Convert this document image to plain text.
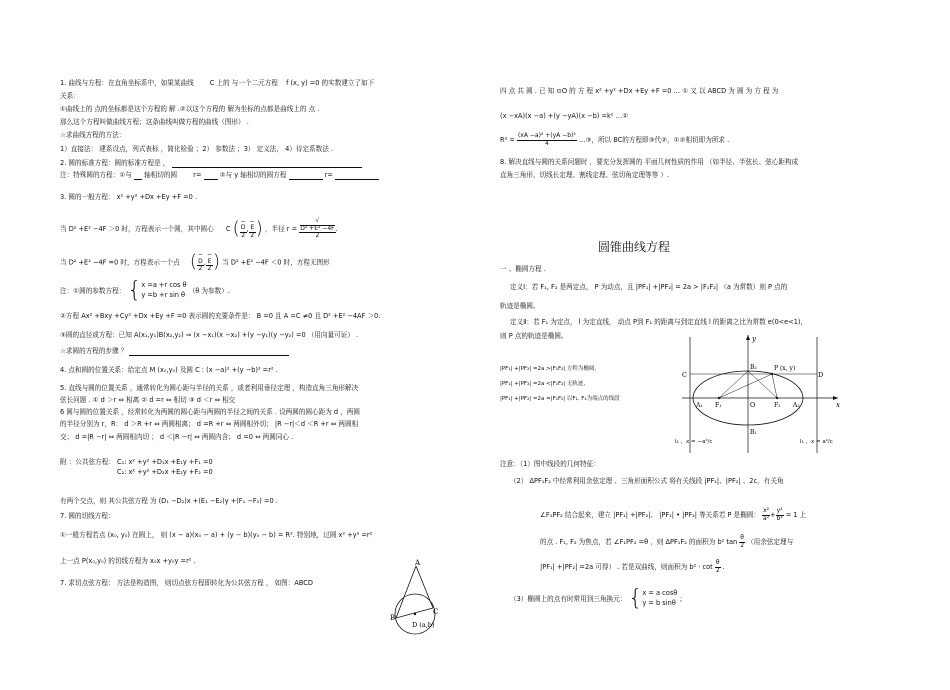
1. 曲线与方程：在直角坐标系中，如果某曲线 C 上的 与一个二元方程 f (x, y) =0 的实数建立了如下
关系：
①曲线上的 点的坐标都是这个方程的 解 .②以这个方程的 解为坐标的点都是曲线上的 点 .
那么这个方程叫做曲线方程；这条曲线叫做方程的曲线（图形） .
☆求曲线方程的方法：
1）直接法： 建系设点，列式表标 ，简化检验 ；2） 参数法 ；3） 定义法， 4）待定系数法 .
2. 圆的标准方程：圆的标准方程是 ，
注：特殊圆的方程：①与 轴相切的圆 r=	②与 y 轴相切的圆方程	r=
3. 圆的一般方程： x² +y² +Dx +Ey +F =0 .
当 D² +E² −4F ＞0 时，方程表示一个圆，其中圆心 C ( −
D
2 , −
E
2 ) ，半径 r = √
D² +E² −4F
2 .
当 D² +E² −4F =0 时，方程表示一个点 ( −
D
2 , −
E
2 ) 当 D² +E² −4F ＜0 时，方程无图形
注：①圆的参数方程： {x =a +r cos θ
y =b +r sin θ （θ 为参数）.
②方程 Ax² +Bxy +Cy² +Dx +Ey +F =0 表示圆的充要条件是： B =0 且 A =C ≠0 且 D² +E² −4AF ＞0.
③圆的直径或方程：已知 A(x₁,y₁)B(x₂,y₂) ⇒ (x −x₁)(x −x₂) +(y −y₁)(y −y₂) =0 （用向量可证） .
☆求圆的方程的步骤 ？
4. 点和圆的位置关系：给定点 M (x₀,y₀) 及圆 C : (x −a)² +(y −b)² =r² .
5. 直线与圆的位置关系 ，通常转化为圆心距与半径的关系 ，或者利用垂径定理 ，构造直角三角形解决
弦长问题 . ① d ＞r ⇔ 相离 ② d =r ⇔ 相切 ③ d ＜r ⇔ 相交
6 圆与圆的位置关系 ，经常转化为两圆的圆心距与两圆的半径之间的关系 . 设两圆的圆心距为 d ，两圆
的半径分别为 r，R： d ＞R +r ⇔ 两圆相离； d =R +r ⇔ 两圆相外切； |R −r|＜d ＜R +r ⇔ 两圆相
交； d =|R −r| ⇔ 两圆相内切 ； d ＜|R −r| ⇔ 两圆内含； d =0 ⇔ 两圆同心 .
附 ：公共弦方程： C₁: x² +y² +D₁x +E₁y +F₁ =0
C₂: x² +y² +D₂x +E₂y +F₂ =0
有两个交点，则 其公共弦方程 为 (D₁ −D₂)x +(E₁ −E₂)y +(F₁ −F₂) =0 .
7. 圆的切线方程：
①一般方程若点 (x₀, y₀) 在圆上， 则 (x − a)(x₀ − a) + (y − b)(y₀ − b) = R². 特别地，过圆 x² +y² =r²
上一点 P(x₀,y₀) 的切线方程为 x₀x +y₀y =r² .
7. 求切点弦方程： 方法是构造图， 则切点弦方程即转化为公共弦方程 ， 如图：ABCD
A
B
C
D (a,b)
四 点 共 圆 . 已 知 ⊙O 的 方 程 x² +y² +Dx +Ey +F =0 … ① 又 以 ABCD 为 圆 为 方 程 为
(x −xA)(x −a) +(y −yA)(x −b) =k² …②
$R^2 = \frac{\text{(xA −a)² +(yA −b)²}}{4}$ …③，所以 BC的方程即③代②，①②相切即为所求 .
8. 解决直线与圆的关系问题时 ，要充分发挥圆的 平面几何性质的作用 （如半径、半弦长、弦心距构成
直角三角形，切线长定理、割线定理、弦切角定理等等 ）.
圆锥曲线方程
一 、椭圆方程 .
定义Ⅰ：若 F₁, F₂ 是两定点， P 为动点，且 |PF₁| +|PF₂| = 2a > |F₁F₂| （a 为常数）则 P 点的
轨迹是椭圆。
定义Ⅱ：若 F₁ 为定点， l 为定直线， 动点 P到 F₁ 的距离与到定直线 l 的距离之比为常数 e(0<e<1)，
则 P 点的轨迹是椭圆。
|PF₁| +|PF₂| =2a >|F₁F₂| 方程为椭圆，
|PF₁| +|PF₂| =2a <|F₁F₂| 无轨迹，
|PF₁| +|PF₂| =2a =|F₁F₂| 以F₁, F₂为端点的线段
注意：（1）图中线段的几何特征：
（2） ΔPF₁F₂ 中经常利用余弦定理 、三角形面积公式 将有关线段 |PF₁|、|PF₂| 、2c，有关角
∠F₁PF₂ 结合起来，建立 |PF₁| +|PF₂|、 |PF₁| • |PF₂| 等关系若 P 是椭圆： $\frac{\text{x²}}{\text{a²}} + \frac{\text{y²}}{\text{b²}} = 1$ 上
的点 . F₁, F₂ 为焦点，若 ∠F₁PF₂ =θ ，则 ΔPF₁F₂ 的面积为 b² $\tan \frac{\theta}{2}$ （用余弦定理与
|PF₁| +|PF₂| =2a 可得） . 若是双曲线，则面积为 $b^2 \cdot \cot \frac{\theta}{2}$ .
（3）椭圆上的点有时常用到三角换元： {x = a cosθ
y = b sinθ ；
y
x
O
B₂
B₁
P (x, y)
A₁	A₂
F₁	F₂
C	D
l₂ ，x = −a²/c	l₁ ，x = a²/c
